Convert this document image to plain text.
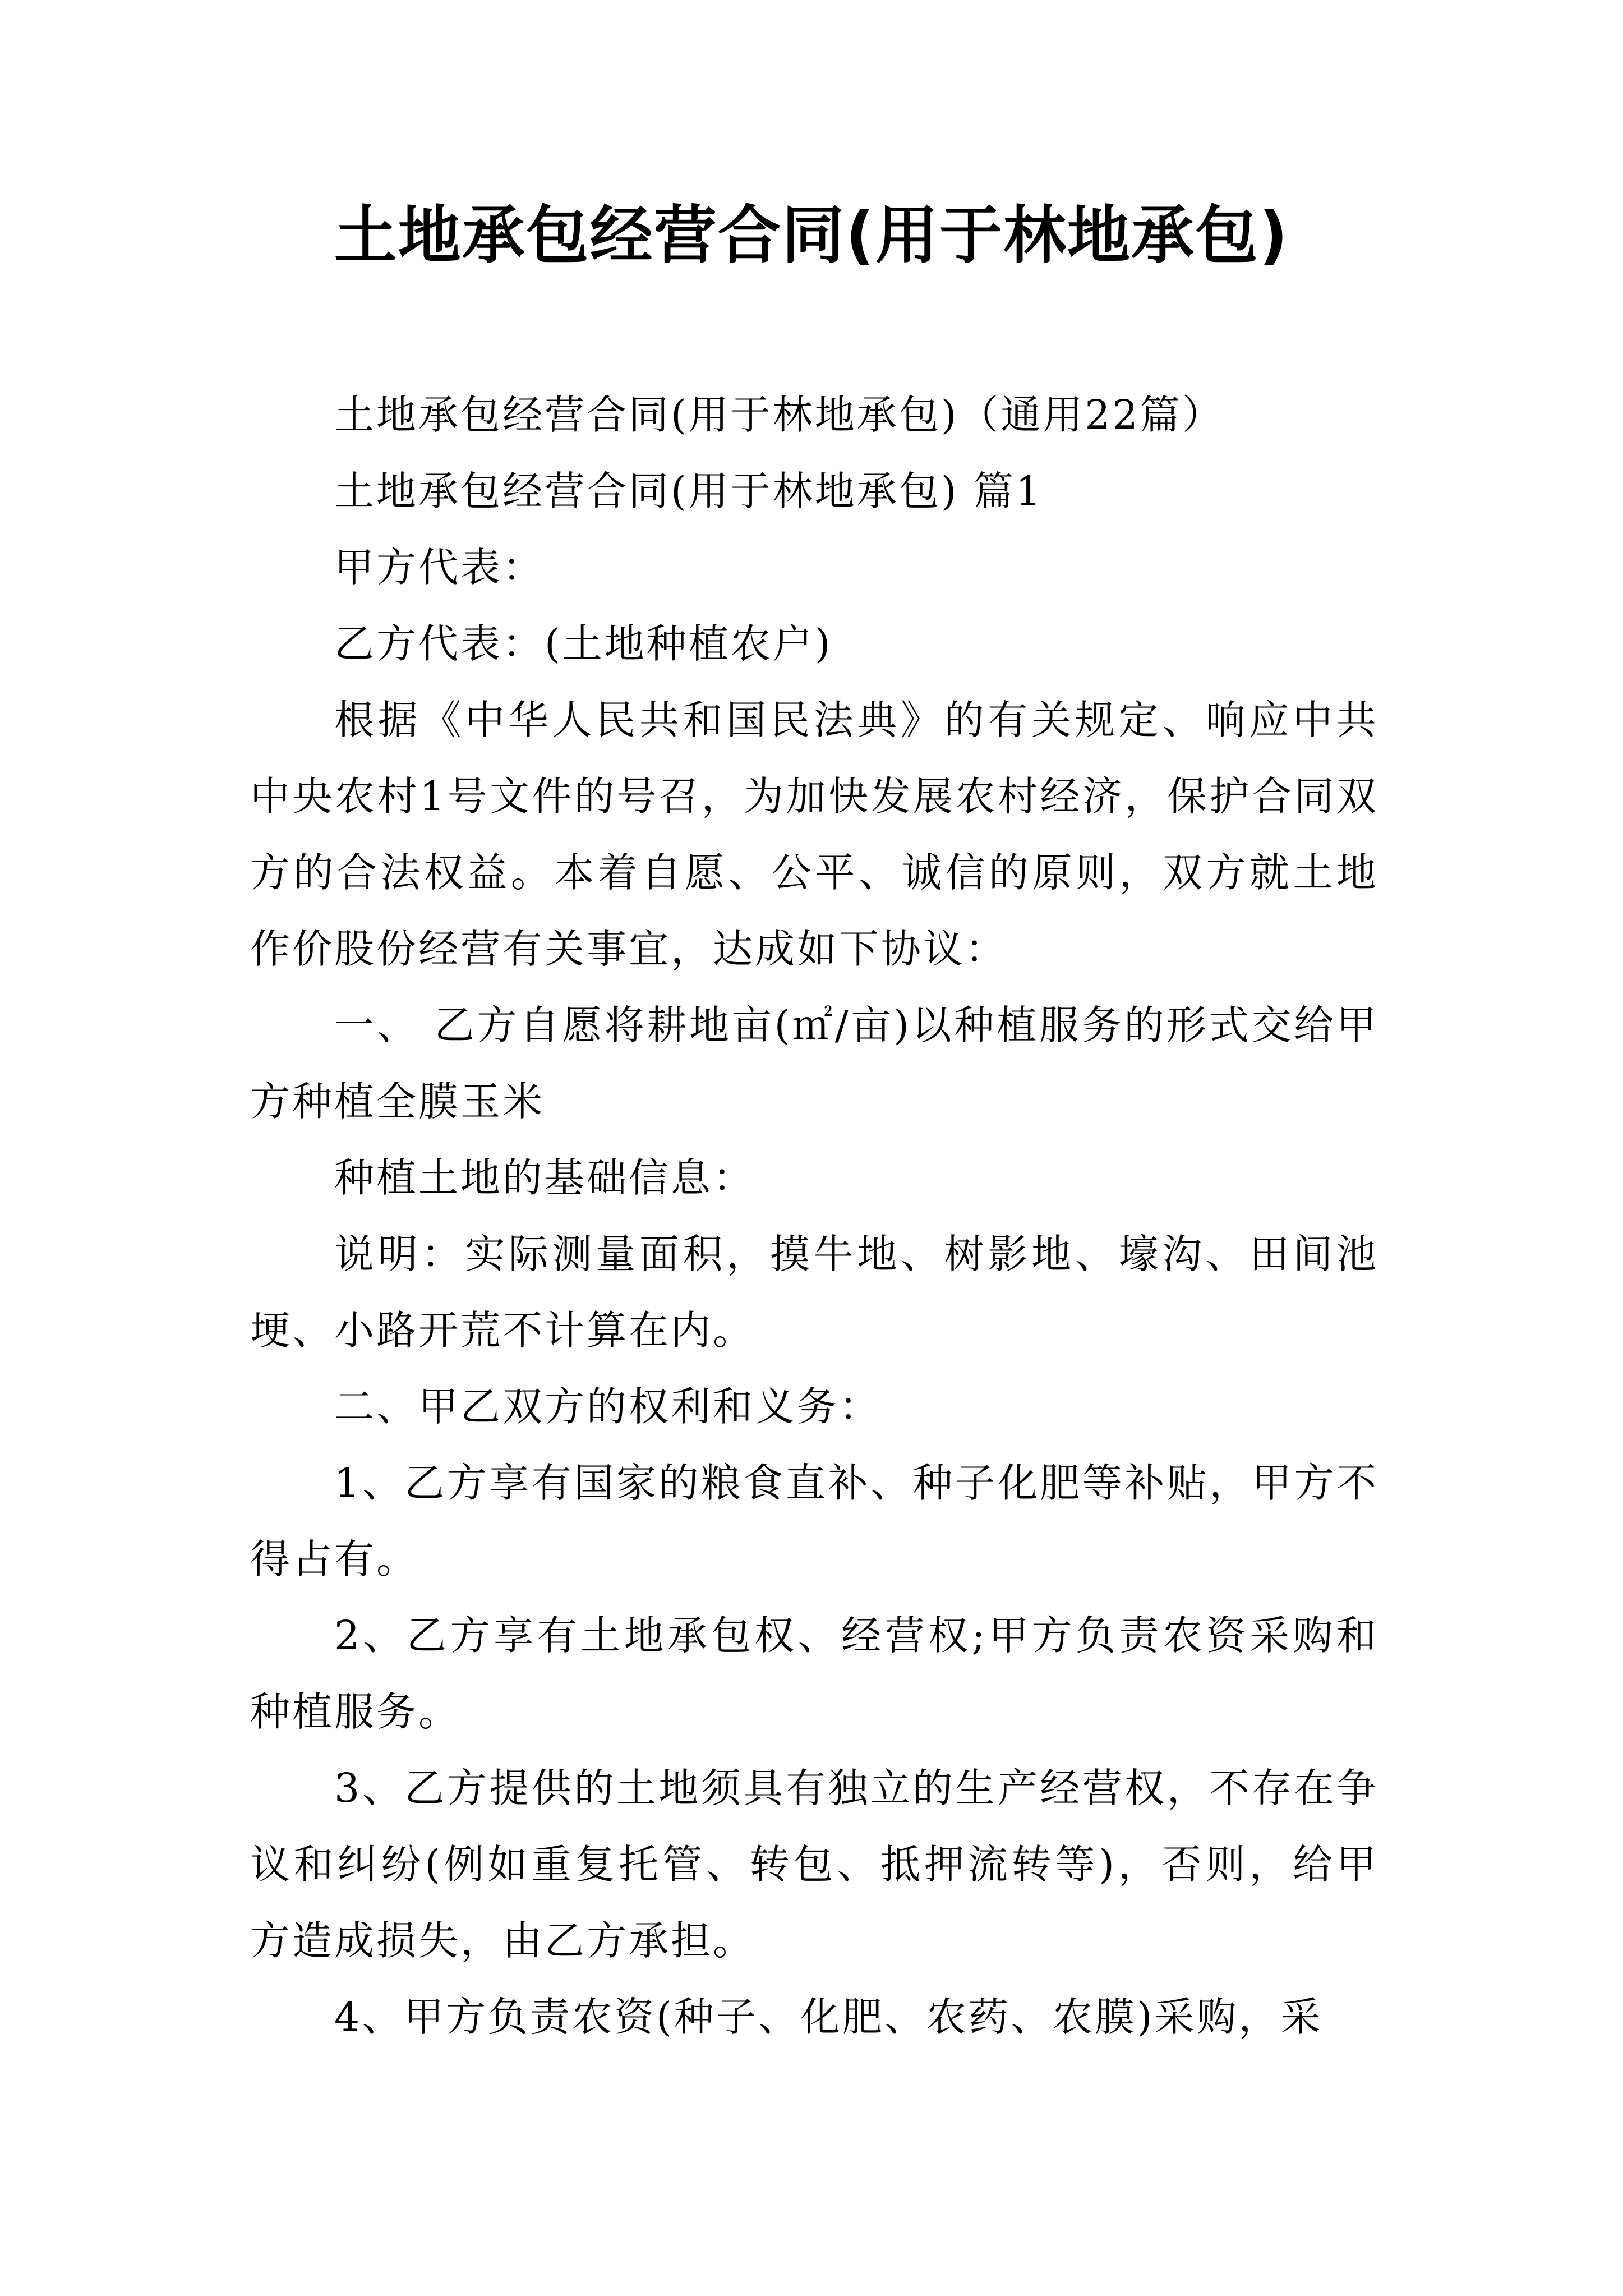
土地承包经营合同(用于林地承包)

土地承包经营合同(用于林地承包)（通用22篇）

土地承包经营合同(用于林地承包) 篇1

甲方代表：

乙方代表：(土地种植农户)

根据《中华人民共和国民法典》的有关规定、响应中共中央农村1号文件的号召，为加快发展农村经济，保护合同双方的合法权益。本着自愿、公平、诚信的原则，双方就土地作价股份经营有关事宜，达成如下协议：

一、 乙方自愿将耕地亩(㎡/亩)以种植服务的形式交给甲方种植全膜玉米

种植土地的基础信息：

说明：实际测量面积，摸牛地、树影地、壕沟、田间池埂、小路开荒不计算在内。

二、甲乙双方的权利和义务：

1、乙方享有国家的粮食直补、种子化肥等补贴，甲方不得占有。

2、乙方享有土地承包权、经营权;甲方负责农资采购和种植服务。

3、乙方提供的土地须具有独立的生产经营权，不存在争议和纠纷(例如重复托管、转包、抵押流转等)，否则，给甲方造成损失，由乙方承担。

4、甲方负责农资(种子、化肥、农药、农膜)采购，采
